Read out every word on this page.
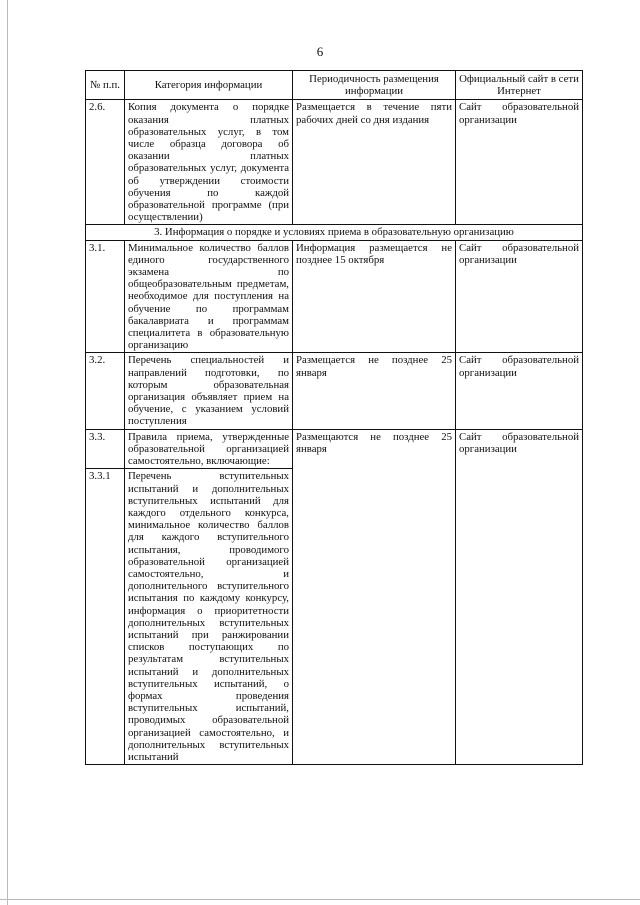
6
№ п.п.	Категория информации	Периодичность размещения информации	Официальный сайт в сети Интернет
2.6.	Копия документа о порядке оказания платных образовательных услуг, в том числе образца договора об оказании платных образовательных услуг, документа об утверждении стоимости обучения по каждой образовательной программе (при осуществлении)	Размещается в течение пяти рабочих дней со дня издания	Сайт образовательной организации
3. Информация о порядке и условиях приема в образовательную организацию			
3.1.	Минимальное количество баллов единого государственного экзамена по общеобразовательным предметам, необходимое для поступления на обучение по программам бакалавриата и программам специалитета в образовательную организацию	Информация размещается не позднее 15 октября	Сайт образовательной организации
3.2.	Перечень специальностей и направлений подготовки, по которым образовательная организация объявляет прием на обучение, с указанием условий поступления	Размещается не позднее 25 января	Сайт образовательной организации
3.3.	Правила приема, утвержденные образовательной организацией самостоятельно, включающие:	Размещаются не позднее 25 января	Сайт образовательной организации
3.3.1	Перечень вступительных испытаний и дополнительных вступительных испытаний для каждого отдельного конкурса, минимальное количество баллов для каждого вступительного испытания, проводимого образовательной организацией самостоятельно, и дополнительного вступительного испытания по каждому конкурсу, информация о приоритетности дополнительных вступительных испытаний при ранжировании списков поступающих по результатам вступительных испытаний и дополнительных вступительных испытаний, о формах проведения вступительных испытаний, проводимых образовательной организацией самостоятельно, и дополнительных вступительных испытаний		
